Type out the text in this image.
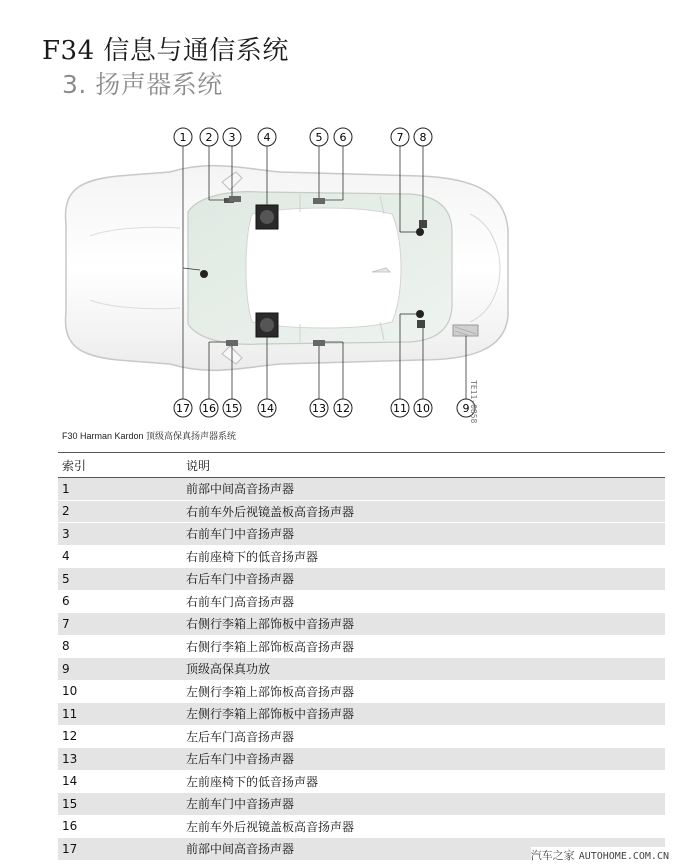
F34 信息与通信系统
3. 扬声器系统
1 2 3	4	5 6	7 8
17 16 15 14	13 12	11 10	9 TE11-0858
F30 Harman Kardon 顶级高保真扬声器系统
索引	说明
1	前部中间高音扬声器
2	右前车外后视镜盖板高音扬声器
3	右前车门中音扬声器
4	右前座椅下的低音扬声器
5	右后车门中音扬声器
6	右前车门高音扬声器
7	右侧行李箱上部饰板中音扬声器
8	右侧行李箱上部饰板高音扬声器
9	顶级高保真功放
10	左侧行李箱上部饰板高音扬声器
11	左侧行李箱上部饰板中音扬声器
12	左后车门高音扬声器
13	左后车门中音扬声器
14	左前座椅下的低音扬声器
15	左前车门中音扬声器
16	左前车外后视镜盖板高音扬声器
17	前部中间高音扬声器	汽车之家 AUTOHOME.COM.CN
